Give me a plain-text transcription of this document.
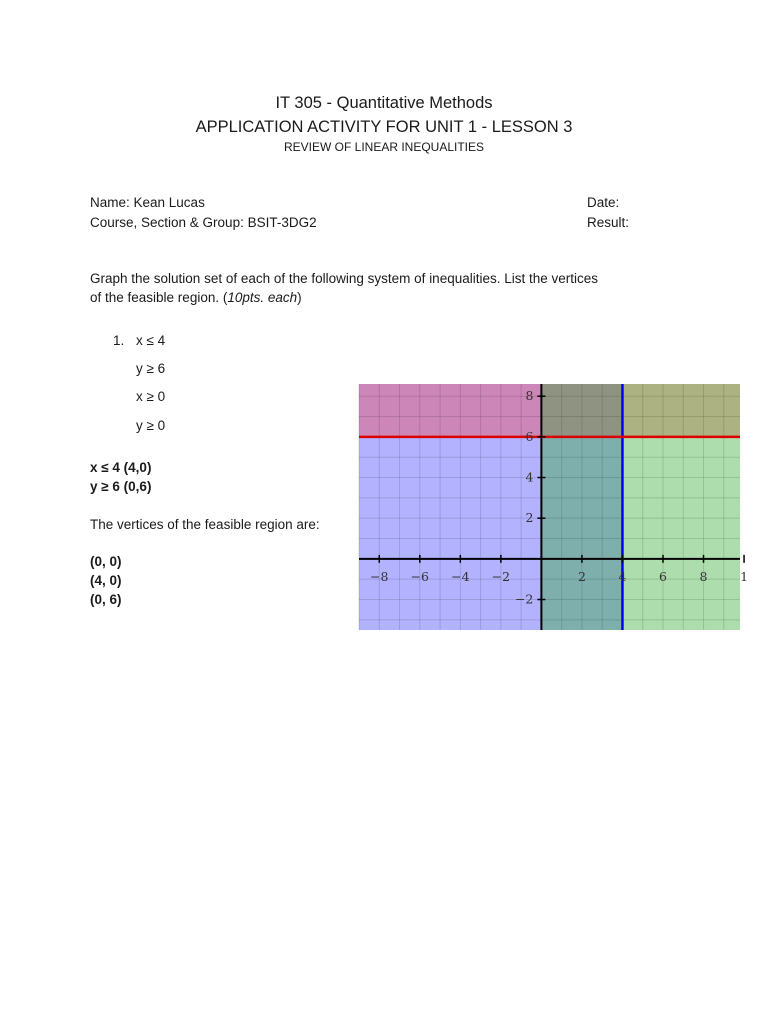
IT 305 - Quantitative Methods
APPLICATION ACTIVITY FOR UNIT 1 - LESSON 3
REVIEW OF LINEAR INEQUALITIES
Name: Kean Lucas
Course, Section & Group: BSIT-3DG2
Date:
Result:
Graph the solution set of each of the following system of inequalities. List the vertices
of the feasible region. (10pts. each)
1. x ≤ 4
y ≥ 6
x ≥ 0
y ≥ 0
x ≤ 4 (4,0)
y ≥ 6 (0,6)
The vertices of the feasible region are:
(0, 0)
(4, 0)
(0, 6)
−8 −6 −4 −2	2	4	6	8	1
8
6
4
2
−2
